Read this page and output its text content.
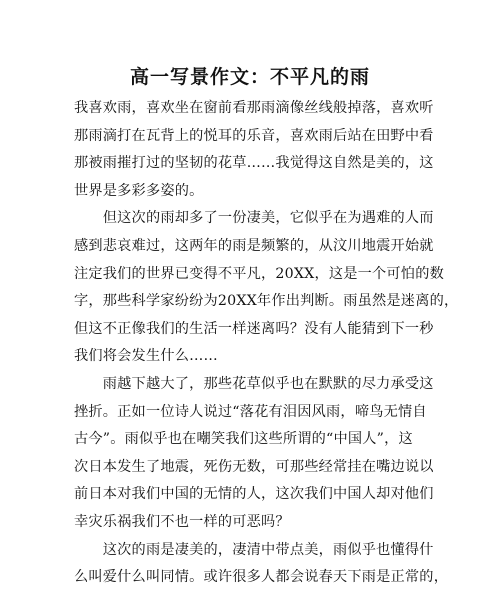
高一写景作文：不平凡的雨
我喜欢雨，喜欢坐在窗前看那雨滴像丝线般掉落，喜欢听
那雨滴打在瓦背上的悦耳的乐音，喜欢雨后站在田野中看
那被雨摧打过的坚韧的花草……我觉得这自然是美的，这
世界是多彩多姿的。
　　但这次的雨却多了一份凄美，它似乎在为遇难的人而
感到悲哀难过，这两年的雨是频繁的，从汶川地震开始就
注定我们的世界已变得不平凡，20XX，这是一个可怕的数
字，那些科学家纷纷为20XX年作出判断。雨虽然是迷离的，
但这不正像我们的生活一样迷离吗？没有人能猜到下一秒
我们将会发生什么……
　　雨越下越大了，那些花草似乎也在默默的尽力承受这
挫折。正如一位诗人说过“落花有泪因风雨，啼鸟无情自
古今”。雨似乎也在嘲笑我们这些所谓的“中国人”，这
次日本发生了地震，死伤无数，可那些经常挂在嘴边说以
前日本对我们中国的无情的人，这次我们中国人却对他们
幸灾乐祸我们不也一样的可恶吗？
　　这次的雨是凄美的，凄清中带点美，雨似乎也懂得什
么叫爱什么叫同情。或许很多人都会说春天下雨是正常的，
